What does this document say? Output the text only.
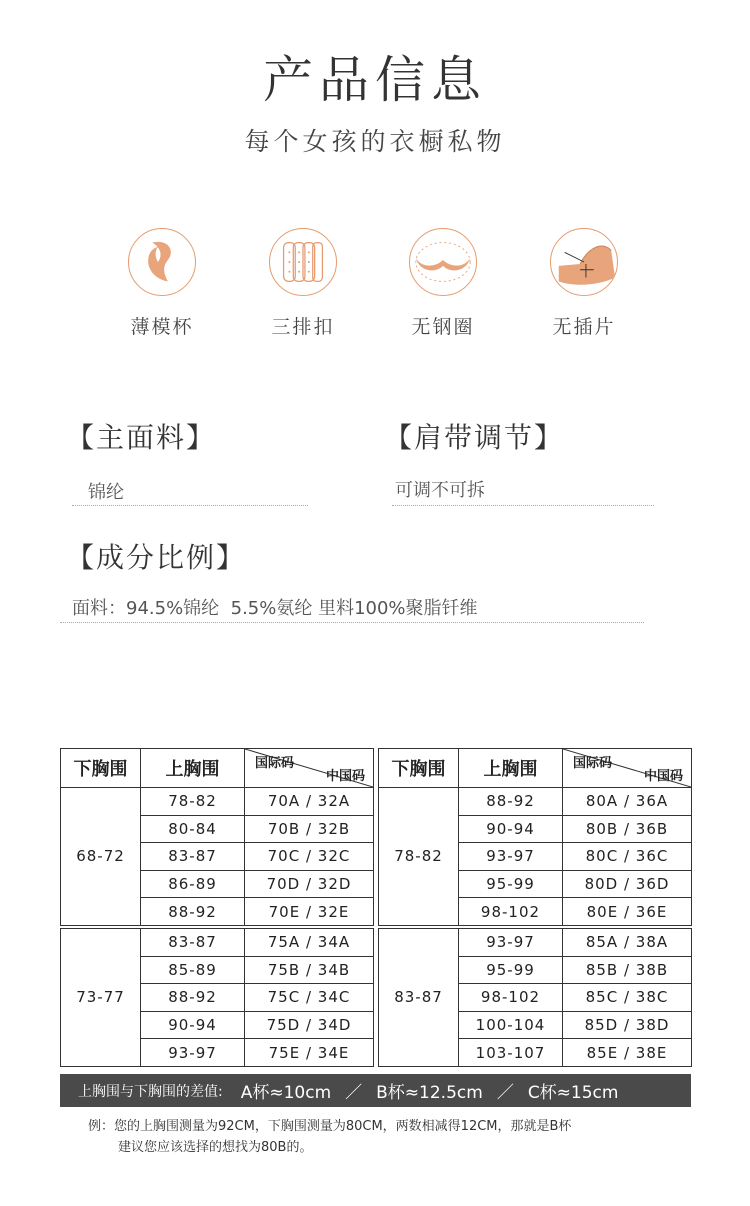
产品信息
每个女孩的衣橱私物
薄模杯	三排扣	无钢圈	无插片
【主面料】
锦纶
【肩带调节】
可调不可拆
【成分比例】
面料：94.5%锦纶  5.5%氨纶 里料100%聚脂钎维
下胸围	上胸围	国际码
中国码

68-72	78-82	70A / 32A
	80-84	70B / 32B
	83-87	70C / 32C
	86-89	70D / 32D
	88-92	70E / 32E
73-77	83-87	75A / 34A
	85-89	75B / 34B
	88-92	75C / 34C
	90-94	75D / 34D
	93-97	75E / 34E
下胸围	上胸围	国际码
中国码

78-82	88-92	80A / 36A
	90-94	80B / 36B
	93-97	80C / 36C
	95-99	80D / 36D
	98-102	80E / 36E
83-87	93-97	85A / 38A
	95-99	85B / 38B
	98-102	85C / 38C
	100-104	85D / 38D
	103-107	85E / 38E
上胸围与下胸围的差值: A杯≈10cm ／ B杯≈12.5cm ／ C杯≈15cm
例：您的上胸围测量为92CM，下胸围测量为80CM，两数相减得12CM，那就是B杯
建议您应该选择的想找为80B的。
